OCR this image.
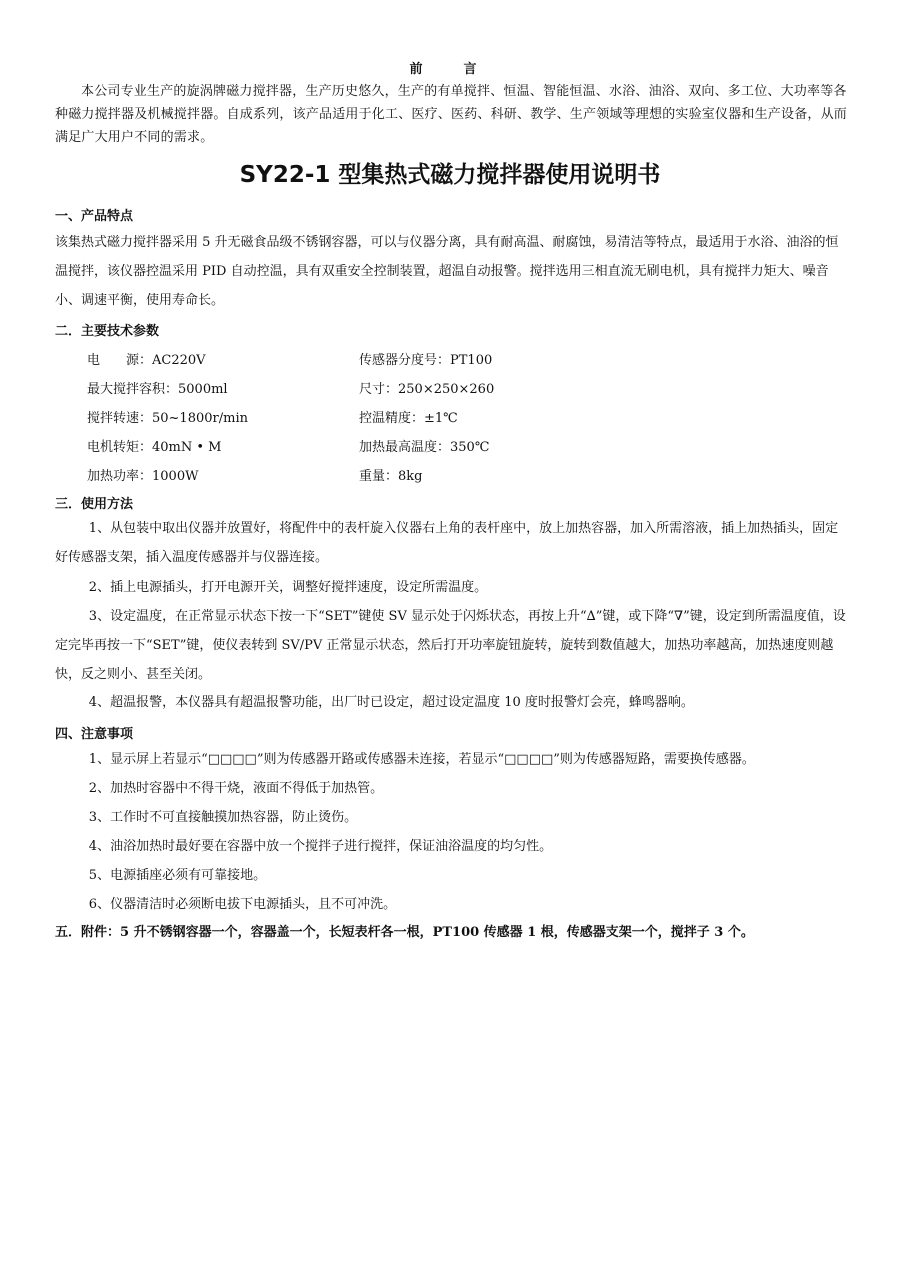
前　言
本公司专业生产的旋涡牌磁力搅拌器，生产历史悠久，生产的有单搅拌、恒温、智能恒温、水浴、油浴、双向、多工位、大功率等各种磁力搅拌器及机械搅拌器。自成系列，该产品适用于化工、医疗、医药、科研、教学、生产领域等理想的实验室仪器和生产设备，从而满足广大用户不同的需求。
SY22-1 型集热式磁力搅拌器使用说明书
一、产品特点
该集热式磁力搅拌器采用 5 升无磁食品级不锈钢容器，可以与仪器分离，具有耐高温、耐腐蚀，易清洁等特点，最适用于水浴、油浴的恒温搅拌，该仪器控温采用 PID 自动控温，具有双重安全控制装置，超温自动报警。搅拌选用三相直流无刷电机，具有搅拌力矩大、噪音小、调速平衡，使用寿命长。
二．主要技术参数
电　　源：AC220V	传感器分度号：PT100
最大搅拌容积：5000ml	尺寸：250×250×260
搅拌转速：50~1800r/min	控温精度：±1℃
电机转矩：40mN • M	加热最高温度：350℃
加热功率：1000W	重量：8kg
三．使用方法
1、从包装中取出仪器并放置好，将配件中的表杆旋入仪器右上角的表杆座中，放上加热容器，加入所需溶液，插上加热插头，固定好传感器支架，插入温度传感器并与仪器连接。
2、插上电源插头，打开电源开关，调整好搅拌速度，设定所需温度。
3、设定温度，在正常显示状态下按一下“SET”键使 SV 显示处于闪烁状态，再按上升“∆”键，或下降“∇”键，设定到所需温度值，设定完毕再按一下“SET”键，使仪表转到 SV/PV 正常显示状态，然后打开功率旋钮旋转，旋转到数值越大，加热功率越高，加热速度则越快，反之则小、甚至关闭。
4、超温报警，本仪器具有超温报警功能，出厂时已设定，超过设定温度 10 度时报警灯会亮，蜂鸣器响。
四、注意事项
1、显示屏上若显示“□□□□”则为传感器开路或传感器未连接，若显示“□□□□”则为传感器短路，需要换传感器。
2、加热时容器中不得干烧，液面不得低于加热管。
3、工作时不可直接触摸加热容器，防止烫伤。
4、油浴加热时最好要在容器中放一个搅拌子进行搅拌，保证油浴温度的均匀性。
5、电源插座必须有可靠接地。
6、仪器清洁时必须断电拔下电源插头，且不可冲洗。
五．附件：5 升不锈钢容器一个，容器盖一个，长短表杆各一根，PT100 传感器 1 根，传感器支架一个，搅拌子 3 个。
